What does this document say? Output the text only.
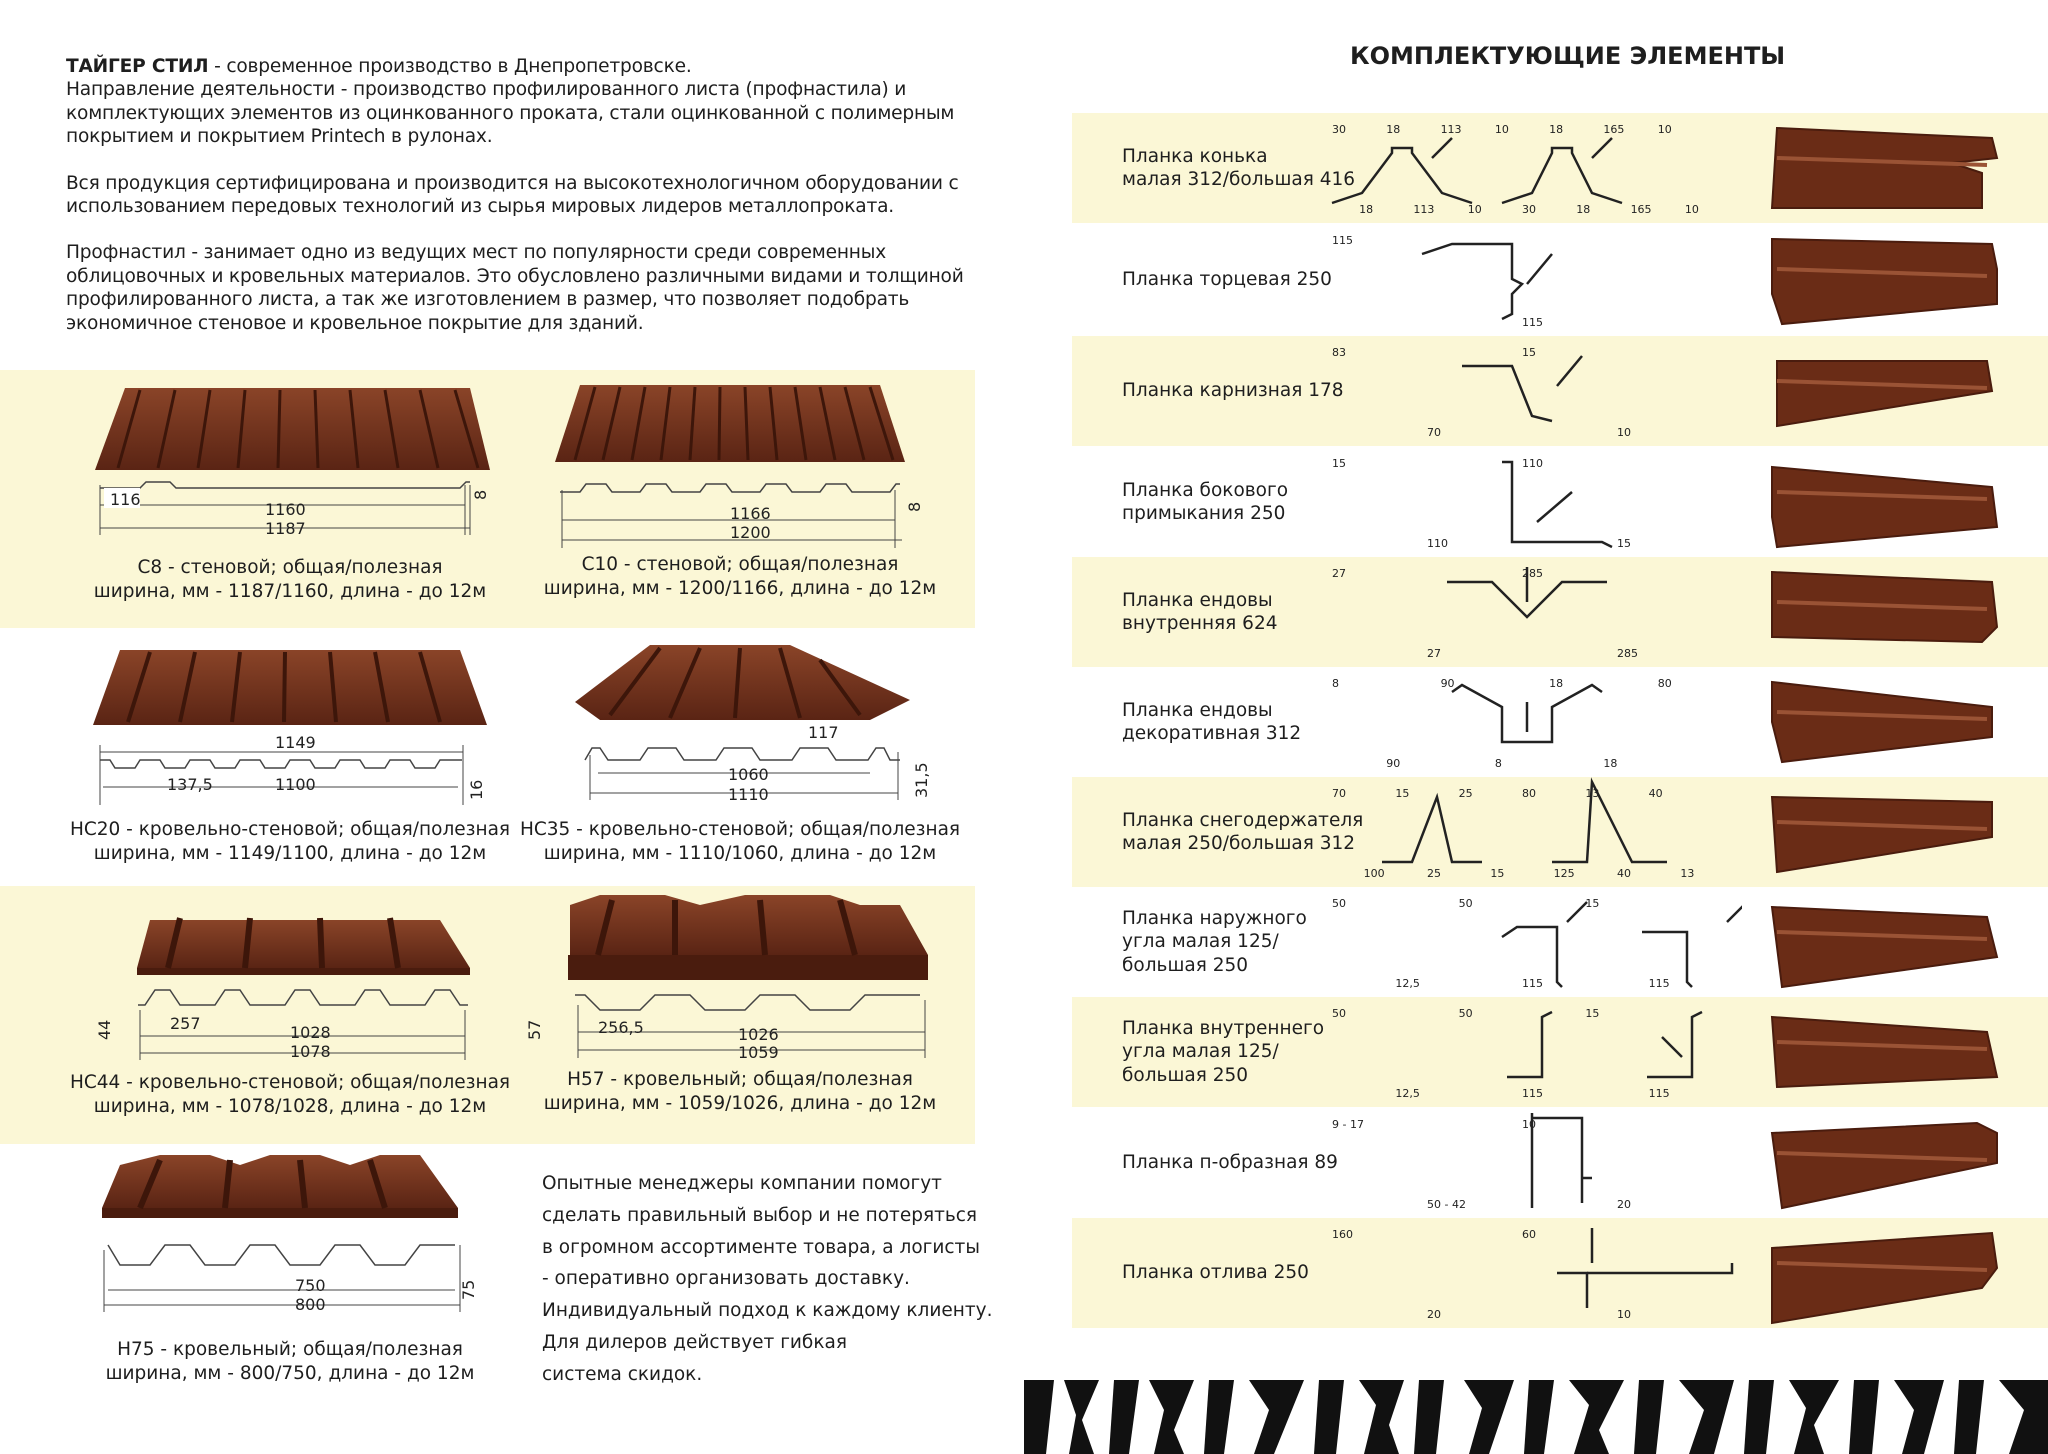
ТАЙГЕР СТИЛ - современное производство в Днепропетровске.
Направление деятельности - производство профилированного листа (профнастила) и комплектующих элементов из оцинкованного проката, стали оцинкованной с полимерным покрытием и покрытием Printech в рулонах.

Вся продукция сертифицирована и производится на высокотехнологичном оборудовании с использованием передовых технологий из сырья мировых лидеров металлопроката.

Профнастил - занимает одно из ведущих мест по популярности среди современных облицовочных и кровельных материалов. Это обусловлено различными видами и толщиной профилированного листа, а так же изготовлением в размер, что позволяет подобрать экономичное стеновое и кровельное покрытие для зданий.

116
1160
1187
8
1166
1200
8
1149
137,5	1100	16
117
1060
1110	31,5
44	257	1028
1078
57	256,5	1026
1059
750
800
75
С8 - стеновой; общая/полезная
ширина, мм - 1187/1160, длина - до 12м
С10 - стеновой; общая/полезная
ширина, мм - 1200/1166, длина - до 12м
НС20 - кровельно-стеновой; общая/полезная
ширина, мм - 1149/1100, длина - до 12м
НС35 - кровельно-стеновой; общая/полезная
ширина, мм - 1110/1060, длина - до 12м
НС44 - кровельно-стеновой; общая/полезная
ширина, мм - 1078/1028, длина - до 12м
Н57 - кровельный; общая/полезная
ширина, мм - 1059/1026, длина - до 12м
Н75 - кровельный; общая/полезная
ширина, мм - 800/750, длина - до 12м
Опытные менеджеры компании помогут
сделать правильный выбор и не потеряться
в огромном ассортименте товара, а логисты
- оперативно организовать доставку.
Индивидуальный подход к каждому клиенту.
Для дилеров действует гибкая
система скидок.
КОМПЛЕКТУЮЩИЕ ЭЛЕМЕНТЫ
Планка конька
малая 312/большая 416
30
18
18
113
113
10
10
30
18
18
165
165
10
10
Планка торцевая 250
115
115
Планка карнизная 178
83
70
15
10
Планка бокового
примыкания 250
15
110
110
15
Планка ендовы
внутренняя 624
27
27
285
285
Планка ендовы
декоративная 312
8
90
90
8
18
18
80
Планка снегодержателя
малая 250/большая 312
70
100
15
25
25
15
80
125
13
40
40
13
Планка наружного
угла малая 125/
большая 250
50
12,5
50
115
15
115
Планка внутреннего
угла малая 125/
большая 250
50
12,5
50
115
15
115
Планка п-образная 89
9 - 17
50 - 42
10
20
Планка отлива 250
160
20
60
10
